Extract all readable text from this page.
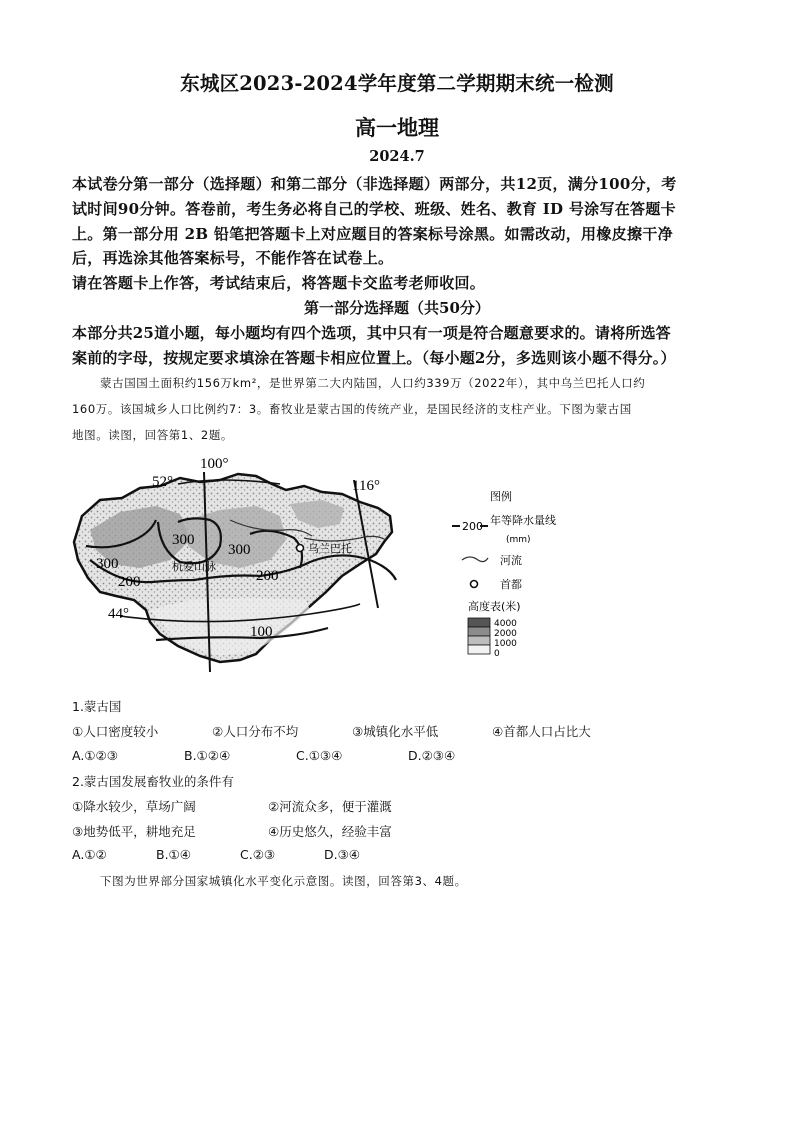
东城区2023-2024学年度第二学期期末统一检测
高一地理
2024.7
本试卷分第一部分（选择题）和第二部分（非选择题）两部分，共12页，满分100分，考
试时间90分钟。答卷前，考生务必将自己的学校、班级、姓名、教育 ID 号涂写在答题卡
上。第一部分用 2B 铅笔把答题卡上对应题目的答案标号涂黑。如需改动，用橡皮擦干净
后，再选涂其他答案标号，不能作答在试卷上。
请在答题卡上作答，考试结束后，将答题卡交监考老师收回。
第一部分选择题（共50分）
本部分共25道小题，每小题均有四个选项，其中只有一项是符合题意要求的。请将所选答
案前的字母，按规定要求填涂在答题卡相应位置上。（每小题2分，多选则该小题不得分。）
蒙古国国土面积约156万km²，是世界第二大内陆国，人口约339万（2022年），其中乌兰巴托人口约
160万。该国城乡人口比例约7：3。畜牧业是蒙古国的传统产业，是国民经济的支柱产业。下图为蒙古国
地图。读图，回答第1、2题。
100°
116°
52°
44°
300
300
300
200	200
100
杭爱山脉
乌兰巴托
图例
200 年等降水量线
(mm)
河流
首都
高度表(米)
4000
2000
1000
0
1.蒙古国
①人口密度较小	②人口分布不均	③城镇化水平低	④首都人口占比大
A.①②③	B.①②④	C.①③④	D.②③④
2.蒙古国发展畜牧业的条件有
①降水较少，草场广阔	②河流众多，便于灌溉
③地势低平，耕地充足	④历史悠久，经验丰富
A.①②	B.①④	C.②③	D.③④
下图为世界部分国家城镇化水平变化示意图。读图，回答第3、4题。
